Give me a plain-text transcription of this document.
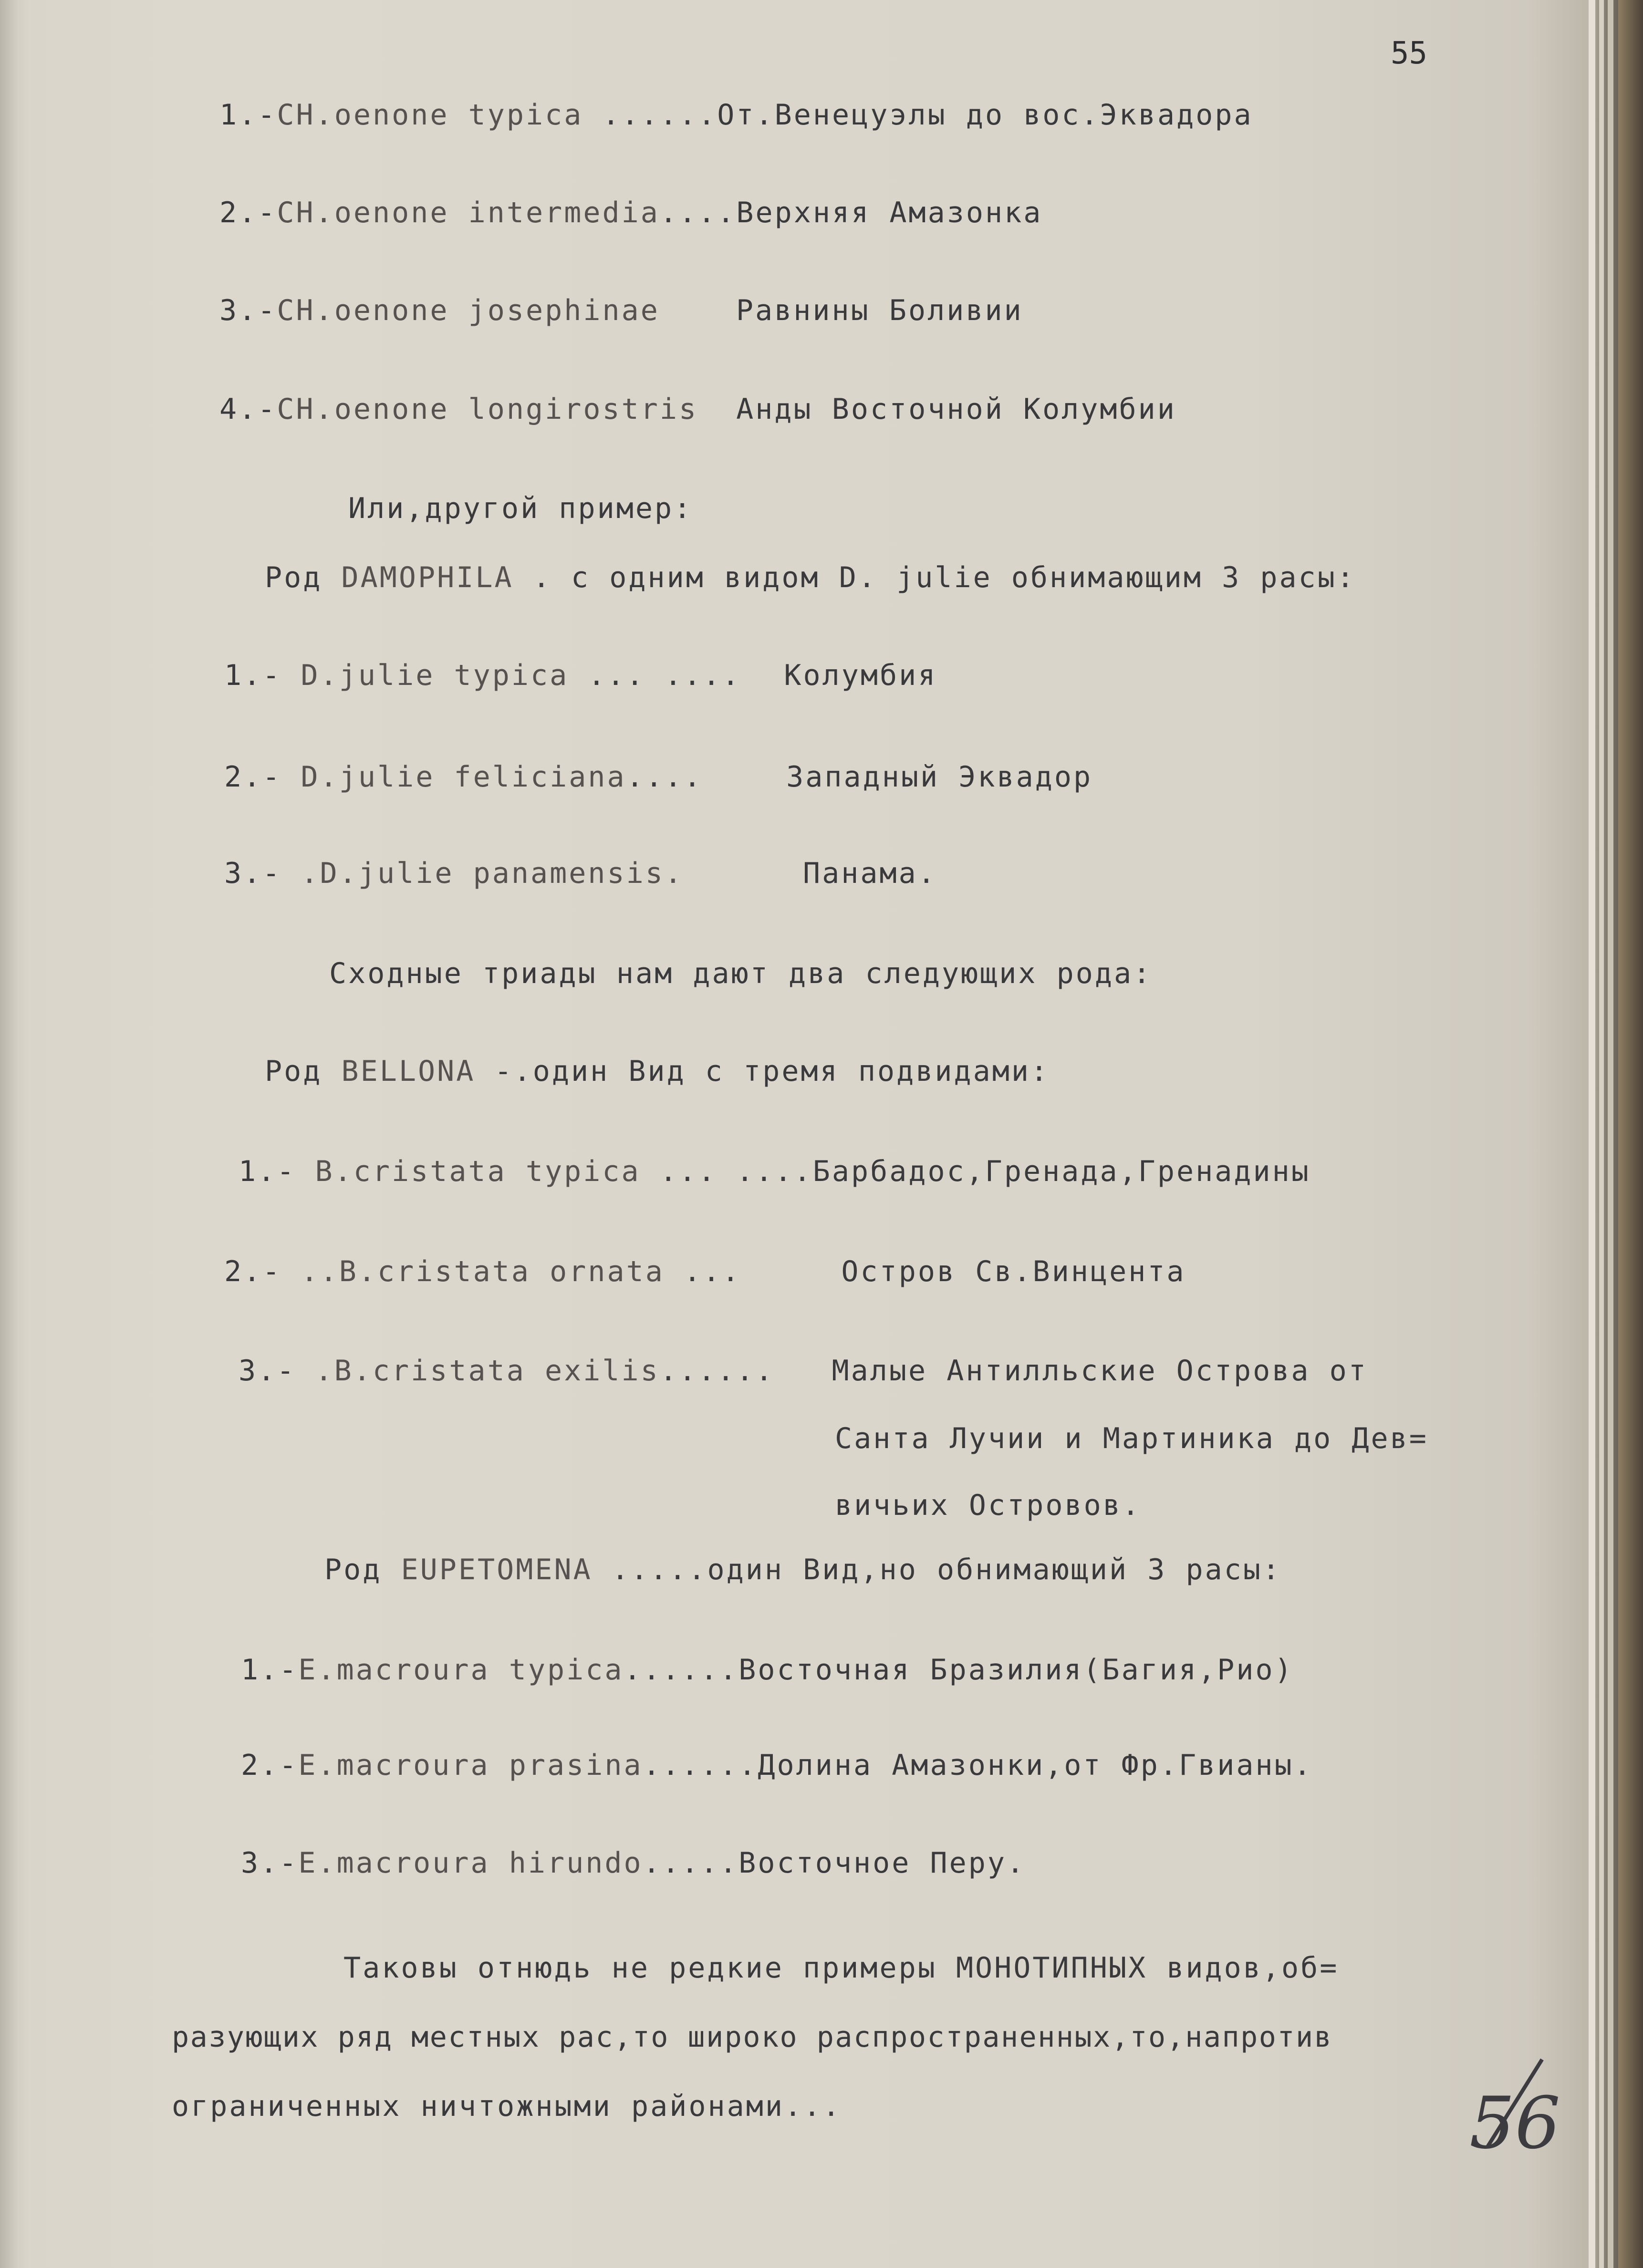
55
1.-CH.oenone typica ......От.Венецуэлы до вос.Эквадора
2.-CH.oenone intermedia....Верхняя Амазонка
3.-CH.oenone josephinae	Равнины Боливии
4.-CH.oenone longirostris Анды Восточной Колумбии
Или,другой пример:
Род DAMOPHILA . с одним видом D. julie обнимающим 3 расы:
1.- D.julie typica ... .... Колумбия
2.- D.julie feliciana....	Западный Эквадор
3.- .D.julie panamensis.	Панама.
Сходные триады нам дают два следующих рода:
Род BELLONA -.один Вид с тремя подвидами:
1.- B.cristata typica ... ....Барбадос,Гренада,Гренадины
2.- ..B.cristata ornata ...	Остров Св.Винцента
3.- .B.cristata exilis...... Малые Антилльские Острова от
Санта Лучии и Мартиника до Дев=
вичьих Островов.
Род EUPETOMENA .....один Вид,но обнимающий 3 расы:
1.-E.macroura typica......Восточная Бразилия(Багия,Рио)
2.-E.macroura prasina......Долина Амазонки,от Фр.Гвианы.
3.-E.macroura hirundo.....Восточное Перу.
Таковы отнюдь не редкие примеры МОНОТИПНЫХ видов,об=
разующих ряд местных рас,то широко распространенных,то,напротив
ограниченных ничтожными районами...	56
